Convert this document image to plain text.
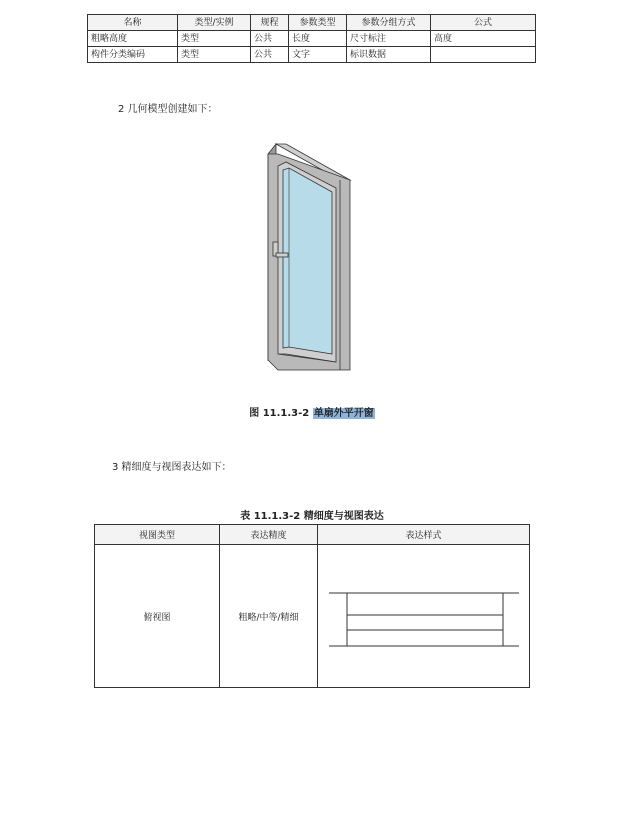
名称	类型/实例	规程	参数类型	参数分组方式	公式
粗略高度	类型	公共	长度	尺寸标注	高度
构件分类编码	类型	公共	文字	标识数据	
2 几何模型创建如下：
图 11.1.3-2 单扇外平开窗
3 精细度与视图表达如下：
表 11.1.3-2 精细度与视图表达
视图类型	表达精度	表达样式
俯视图	粗略/中等/精细	
